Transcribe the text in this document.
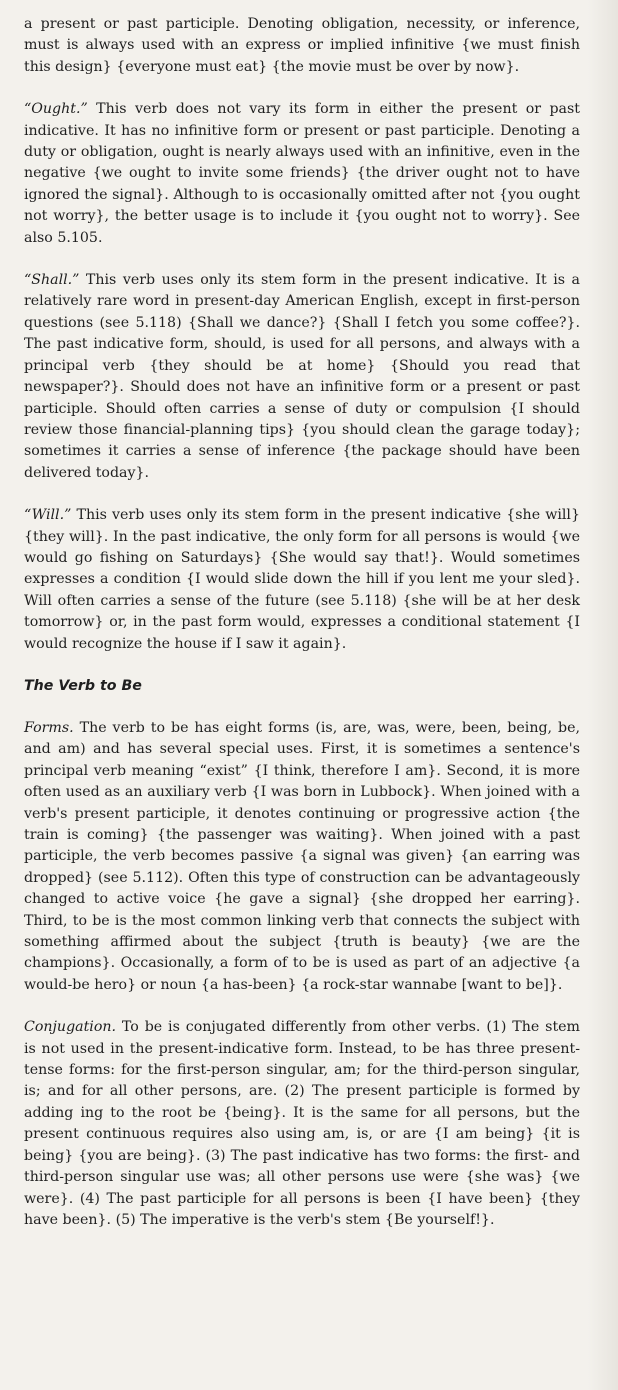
a present or past participle. Denoting obligation, necessity, or inference, must is always used with an express or implied infinitive {we must finish this design} {everyone must eat} {the movie must be over by now}.

“Ought.” This verb does not vary its form in either the present or past indicative. It has no infinitive form or present or past participle. Denoting a duty or obligation, ought is nearly always used with an infinitive, even in the negative {we ought to invite some friends} {the driver ought not to have ignored the signal}. Although to is occasionally omitted after not {you ought not worry}, the better usage is to include it {you ought not to worry}. See also 5.105.

“Shall.” This verb uses only its stem form in the present indicative. It is a relatively rare word in present-day American English, except in first-person questions (see 5.118) {Shall we dance?} {Shall I fetch you some coffee?}. The past indicative form, should, is used for all persons, and always with a principal verb {they should be at home} {Should you read that newspaper?}. Should does not have an infinitive form or a present or past participle. Should often carries a sense of duty or compulsion {I should review those financial-planning tips} {you should clean the garage today}; sometimes it carries a sense of inference {the package should have been delivered today}.

“Will.” This verb uses only its stem form in the present indicative {she will} {they will}. In the past indicative, the only form for all persons is would {we would go fishing on Saturdays} {She would say that!}. Would sometimes expresses a condition {I would slide down the hill if you lent me your sled}. Will often carries a sense of the future (see 5.118) {she will be at her desk tomorrow} or, in the past form would, expresses a conditional statement {I would recognize the house if I saw it again}.

The Verb to Be

Forms. The verb to be has eight forms (is, are, was, were, been, being, be, and am) and has several special uses. First, it is sometimes a sentence's principal verb meaning “exist” {I think, therefore I am}. Second, it is more often used as an auxiliary verb {I was born in Lubbock}. When joined with a verb's present participle, it denotes continuing or progressive action {the train is coming} {the passenger was waiting}. When joined with a past participle, the verb becomes passive {a signal was given} {an earring was dropped} (see 5.112). Often this type of construction can be advantageously changed to active voice {he gave a signal} {she dropped her earring}. Third, to be is the most common linking verb that connects the subject with something affirmed about the subject {truth is beauty} {we are the champions}. Occasionally, a form of to be is used as part of an adjective {a would-be hero} or noun {a has-been} {a rock-star wannabe [want to be]}.

Conjugation. To be is conjugated differently from other verbs. (1) The stem is not used in the present-indicative form. Instead, to be has three present-tense forms: for the first-person singular, am; for the third-person singular, is; and for all other persons, are. (2) The present participle is formed by adding ing to the root be {being}. It is the same for all persons, but the present continuous requires also using am, is, or are {I am being} {it is being} {you are being}. (3) The past indicative has two forms: the first- and third-person singular use was; all other persons use were {she was} {we were}. (4) The past participle for all persons is been {I have been} {they have been}. (5) The imperative is the verb's stem {Be yourself!}.
